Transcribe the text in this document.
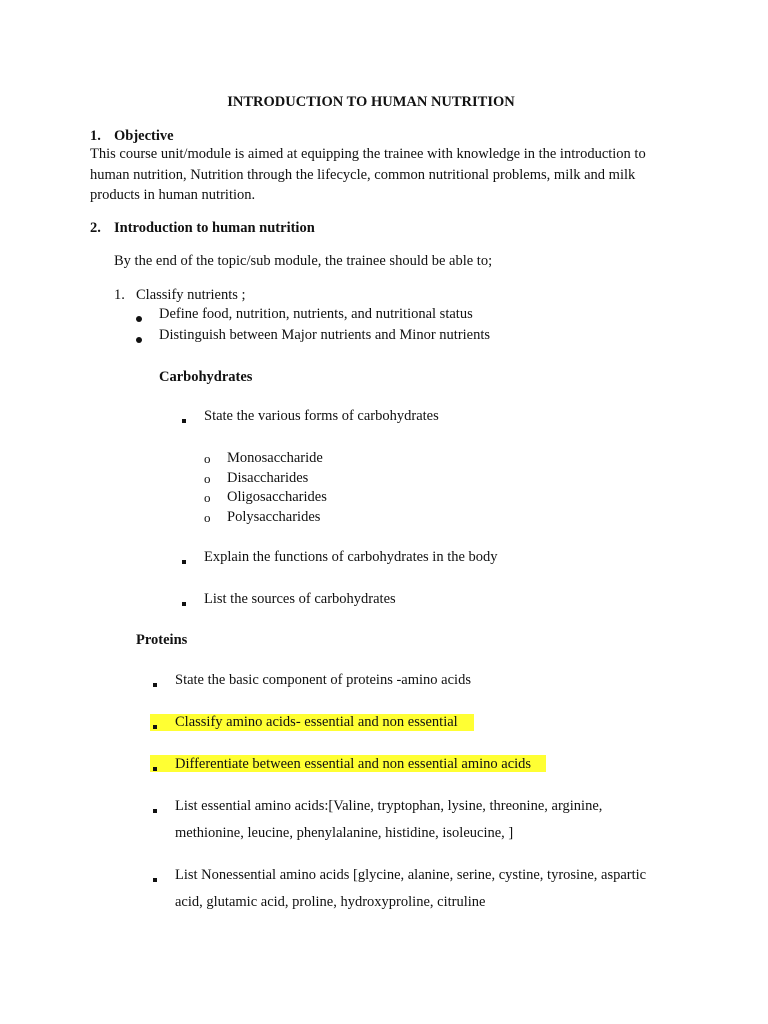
INTRODUCTION TO HUMAN NUTRITION
1. Objective
This course unit/module is aimed at equipping the trainee with knowledge in the introduction to
human nutrition, Nutrition through the lifecycle, common nutritional problems, milk and milk
products in human nutrition.
2. Introduction to human nutrition
By the end of the topic/sub module, the trainee should be able to;
1. Classify nutrients ;
Define food, nutrition, nutrients, and nutritional status
Distinguish between Major nutrients and Minor nutrients
Carbohydrates
State the various forms of carbohydrates
o Monosaccharide
o Disaccharides
o Oligosaccharides
o Polysaccharides
Explain the functions of carbohydrates in the body
List the sources of carbohydrates
Proteins
State the basic component of proteins -amino acids
Classify amino acids- essential and non essential
Differentiate between essential and non essential amino acids
List essential amino acids:[Valine, tryptophan, lysine, threonine, arginine,
methionine, leucine, phenylalanine, histidine, isoleucine, ]
List Nonessential amino acids [glycine, alanine, serine, cystine, tyrosine, aspartic
acid, glutamic acid, proline, hydroxyproline, citruline
